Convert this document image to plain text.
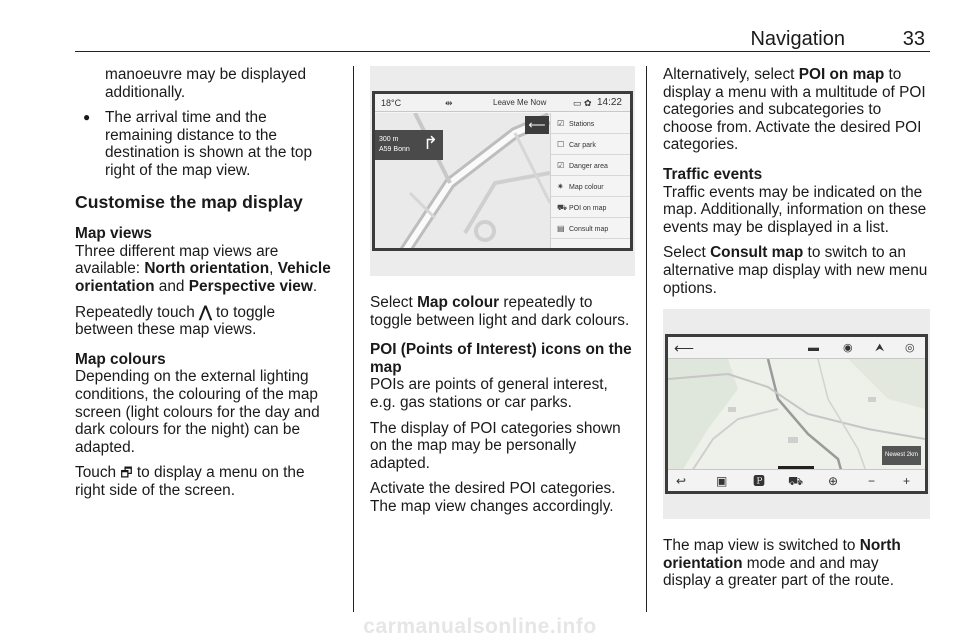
Navigation	33
manoeuvre may be displayed additionally.
● The arrival time and the remaining distance to the destination is shown at the top right of the map view.
Customise the map display
Map views
Three different map views are available: North orientation, Vehicle orientation and Perspective view.
Repeatedly touch ⋀ to toggle between these map views.
Map colours
Depending on the external lighting conditions, the colouring of the map screen (light colours for the day and dark colours for the night) can be adapted.
Touch 🗗 to display a menu on the right side of the screen.
18°C	⇹	Leave Me Now	▭ ✿ 14:22
300 m
A59 Bonn ↱
⟵	☑ Stations
☐ Car park
☑ Danger area
✷ Map colour
⛟ POI on map
▤ Consult map
Select Map colour repeatedly to toggle between light and dark colours.
POI (Points of Interest) icons on the map
POIs are points of general interest, e.g. gas stations or car parks.
The display of POI categories shown on the map may be personally adapted.
Activate the desired POI categories. The map view changes accordingly.
Alternatively, select POI on map to display a menu with a multitude of POI categories and subcategories to choose from. Activate the desired POI categories.
Traffic events
Traffic events may be indicated on the map. Additionally, information on these events may be displayed in a list.
Select Consult map to switch to an alternative map display with new menu options.
⟵	▬ ◉ ⮝ ◎
Newest 2km
↩ ▣ 🅿 ⛟ ⊕ − +
The map view is switched to North orientation mode and and may display a greater part of the route.
carmanualsonline.info
